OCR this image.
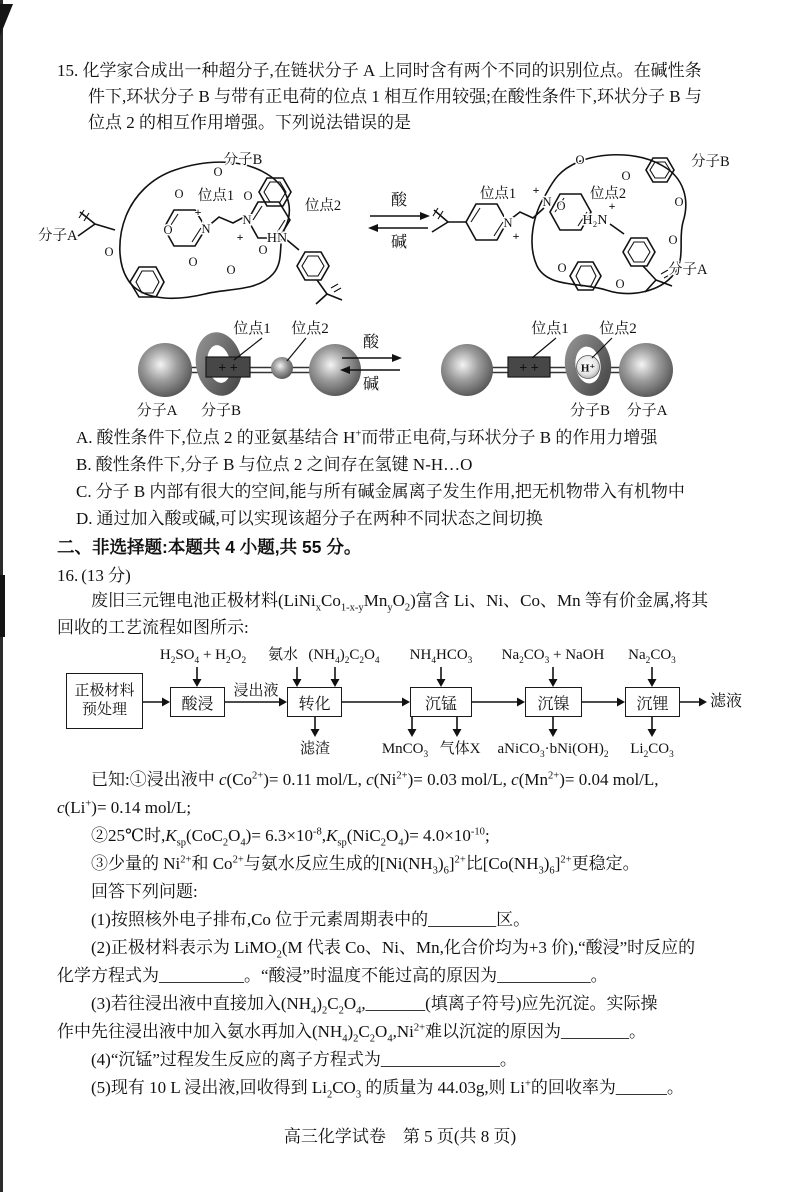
15. 化学家合成出一种超分子,在链状分子 A 上同时含有两个不同的识别位点。在碱性条
件下,环状分子 B 与带有正电荷的位点 1 相互作用较强;在酸性条件下,环状分子 B 与
位点 2 的相互作用增强。下列说法错误的是
O
O
O
O
O
O
O
O
N
+
N
+ HN
分子B
位点1
位点2
分子A
酸
碱
O
O
O
O
O
O
O
N
+
N
+
H₂N
+
分子B
位点1	位点2
分子A
+ +
位点1 位点2
分子A 分子B
酸
碱
+ +	H⁺
位点1 位点2
分子B 分子A
A. 酸性条件下,位点 2 的亚氨基结合 H+而带正电荷,与环状分子 B 的作用力增强
B. 酸性条件下,分子 B 与位点 2 之间存在氢键 N-H…O
C. 分子 B 内部有很大的空间,能与所有碱金属离子发生作用,把无机物带入有机物中
D. 通过加入酸或碱,可以实现该超分子在两种不同状态之间切换
二、非选择题:本题共 4 小题,共 55 分。
16. (13 分)
废旧三元锂电池正极材料$(LiNi_xCo_{1-x-y}Mn_yO_2)$富含 Li、Ni、Co、Mn 等有价金属,将其
回收的工艺流程如图所示:
正极材料
预处理	酸浸	转化	沉锰	沉镍	沉锂
$H_2SO_4 + H_2O_2$	氨水 $(NH_4)_2C_2O_4$	$NH_4HCO_3$	$Na_2CO_3$ + NaOH	$Na_2CO_3$
浸出液
滤渣	MnCO$_3$ 气体X	$aNiCO_3\cdot bNi(OH)_2$	$Li_2CO_3$
滤液

已知:①浸出液中 $c(Co^{2+})= 0.11$ mol/L, $c(Ni^{2+})= 0.03$ mol/L, $c(Mn^{2+})= 0.04$ mol/L,
c(Li+)= 0.14 mol/L;

②25℃时$,K_{sp}(CoC_2O_4)= 6.3\times 10^{-8},K_{sp}(NiC_2O_4)= 4.0\times 10^{-10}$;

③少量的 $Ni^{2+}$和 $Co^{2+}$与氨水反应生成的$[Ni(NH_3)_6]^{2+}$比$[Co(NH_3)_6]^{2+}$更稳定。

回答下列问题:

(1)按照核外电子排布,Co 位于元素周期表中的________区。

(2)正极材料表示为 LiMO$_2$(M 代表 Co、Ni、Mn,化合价均为+3 价),“酸浸”时反应的
化学方程式为__________。“酸浸”时温度不能过高的原因为___________。

(3)若往浸出液中直接加入$(NH_4)_2C_2O_4,\_\_\_\_\_\_\_$(填离子符号)应先沉淀。实际操
作中先往浸出液中加入氨水再加入$(NH_4)_2C_2O_4,Ni^{2+}$难以沉淀的原因为________。

(4)“沉锰”过程发生反应的离子方程式为______________。

(5)现有 10 L 浸出液,回收得到 $Li_2CO_3$ 的质量为 44.03g,则 Li+的回收率为______。

高三化学试卷　第 5 页(共 8 页)
